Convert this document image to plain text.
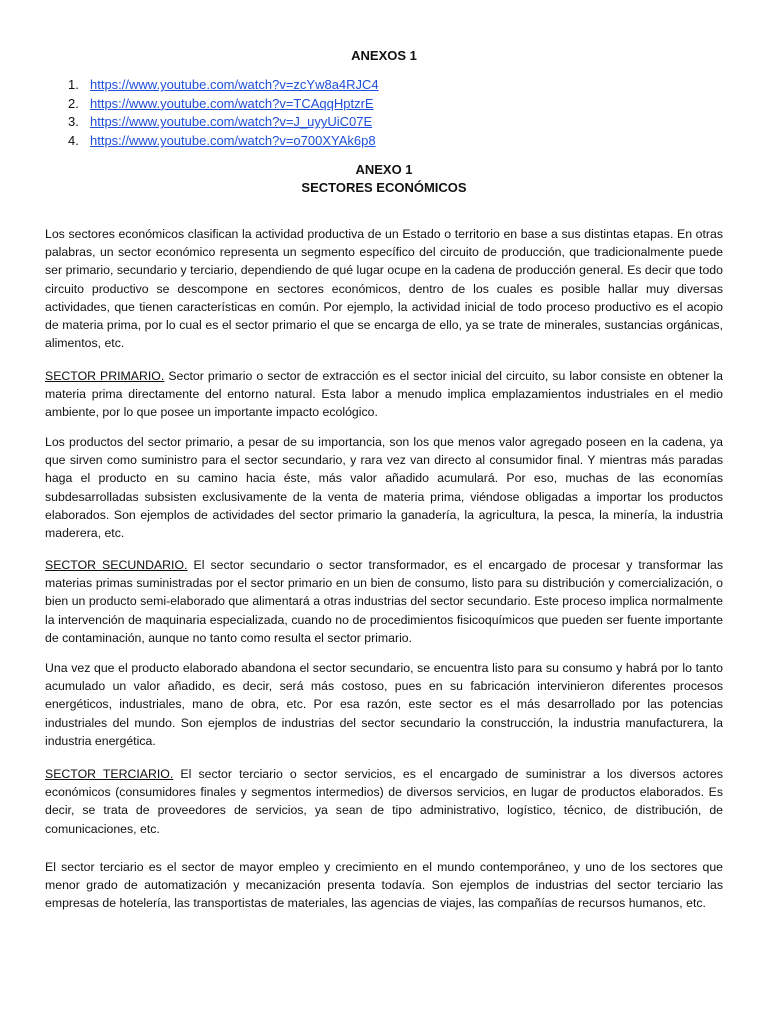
ANEXOS 1
1. https://www.youtube.com/watch?v=zcYw8a4RJC4
2. https://www.youtube.com/watch?v=TCAqqHptzrE
3. https://www.youtube.com/watch?v=J_uyyUiC07E
4. https://www.youtube.com/watch?v=o700XYAk6p8
ANEXO 1
SECTORES ECONÓMICOS

Los sectores económicos clasifican la actividad productiva de un Estado o territorio en base a sus distintas etapas. En otras palabras, un sector económico representa un segmento específico del circuito de producción, que tradicionalmente puede ser primario, secundario y terciario, dependiendo de qué lugar ocupe en la cadena de producción general. Es decir que todo circuito productivo se descompone en sectores económicos, dentro de los cuales es posible hallar muy diversas actividades, que tienen características en común. Por ejemplo, la actividad inicial de todo proceso productivo es el acopio de materia prima, por lo cual es el sector primario el que se encarga de ello, ya se trate de minerales, sustancias orgánicas, alimentos, etc.

SECTOR PRIMARIO. Sector primario o sector de extracción es el sector inicial del circuito, su labor consiste en obtener la materia prima directamente del entorno natural. Esta labor a menudo implica emplazamientos industriales en el medio ambiente, por lo que posee un importante impacto ecológico.

Los productos del sector primario, a pesar de su importancia, son los que menos valor agregado poseen en la cadena, ya que sirven como suministro para el sector secundario, y rara vez van directo al consumidor final. Y mientras más paradas haga el producto en su camino hacia éste, más valor añadido acumulará. Por eso, muchas de las economías subdesarrolladas subsisten exclusivamente de la venta de materia prima, viéndose obligadas a importar los productos elaborados. Son ejemplos de actividades del sector primario la ganadería, la agricultura, la pesca, la minería, la industria maderera, etc.

SECTOR SECUNDARIO. El sector secundario o sector transformador, es el encargado de procesar y transformar las materias primas suministradas por el sector primario en un bien de consumo, listo para su distribución y comercialización, o bien un producto semi-elaborado que alimentará a otras industrias del sector secundario. Este proceso implica normalmente la intervención de maquinaria especializada, cuando no de procedimientos fisicoquímicos que pueden ser fuente importante de contaminación, aunque no tanto como resulta el sector primario.

Una vez que el producto elaborado abandona el sector secundario, se encuentra listo para su consumo y habrá por lo tanto acumulado un valor añadido, es decir, será más costoso, pues en su fabricación intervinieron diferentes procesos energéticos, industriales, mano de obra, etc. Por esa razón, este sector es el más desarrollado por las potencias industriales del mundo. Son ejemplos de industrias del sector secundario la construcción, la industria manufacturera, la industria energética.

SECTOR TERCIARIO. El sector terciario o sector servicios, es el encargado de suministrar a los diversos actores económicos (consumidores finales y segmentos intermedios) de diversos servicios, en lugar de productos elaborados. Es decir, se trata de proveedores de servicios, ya sean de tipo administrativo, logístico, técnico, de distribución, de comunicaciones, etc.

El sector terciario es el sector de mayor empleo y crecimiento en el mundo contemporáneo, y uno de los sectores que menor grado de automatización y mecanización presenta todavía. Son ejemplos de industrias del sector terciario las empresas de hotelería, las transportistas de materiales, las agencias de viajes, las compañías de recursos humanos, etc.
